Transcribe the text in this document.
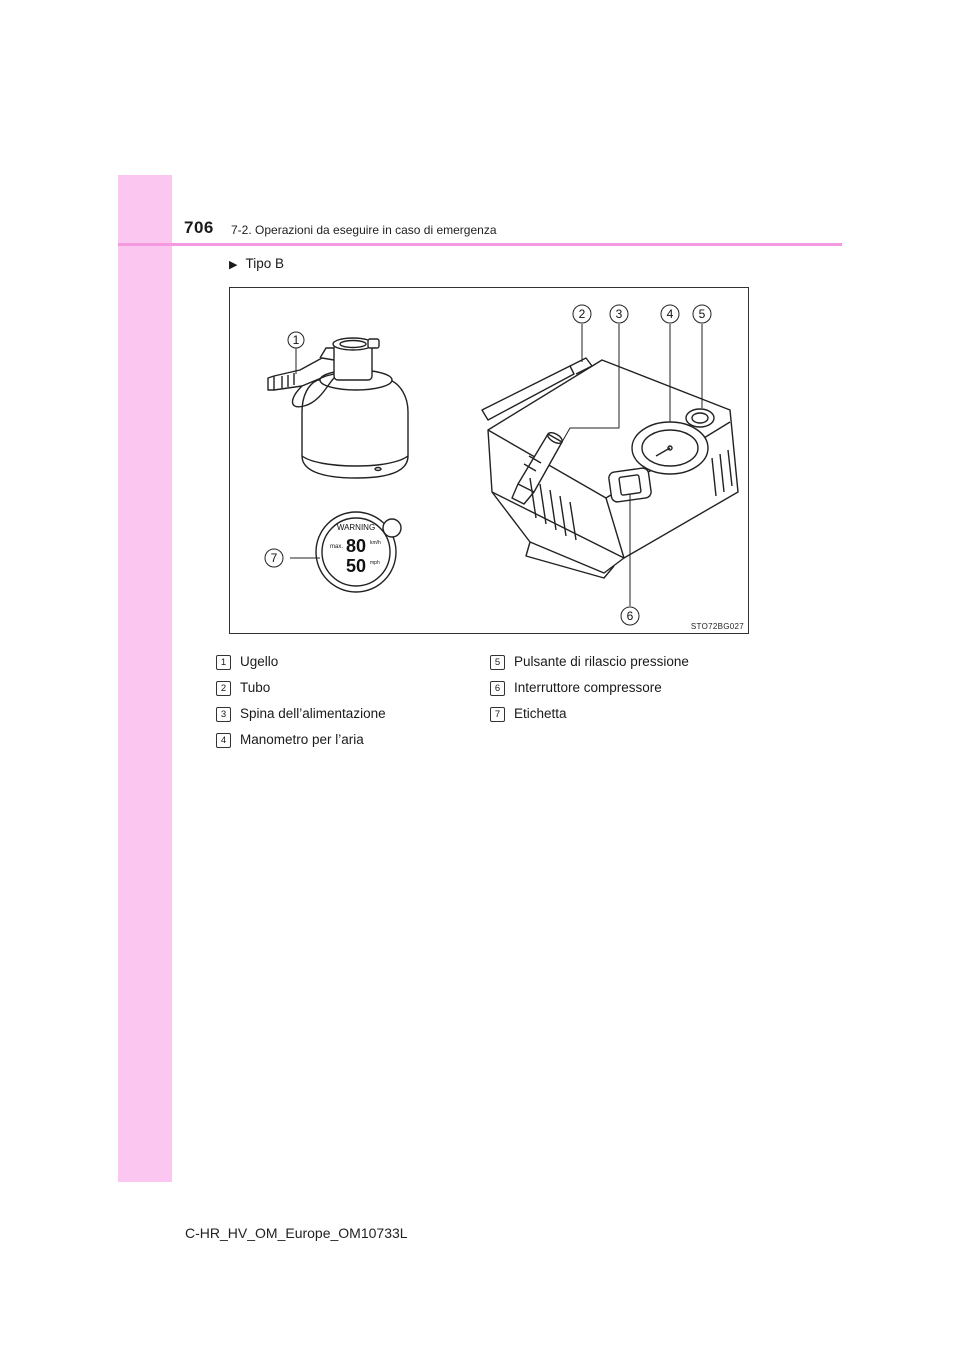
706 7-2. Operazioni da eseguire in caso di emergenza
▶ Tipo B
WARNING
max. 80 km/h
50 mph
1
2	3	4 5
6
7
STO72BG027
1 Ugello
2 Tubo
3 Spina dell’alimentazione
4 Manometro per l’aria
5 Pulsante di rilascio pressione
6 Interruttore compressore
7 Etichetta
C-HR_HV_OM_Europe_OM10733L
